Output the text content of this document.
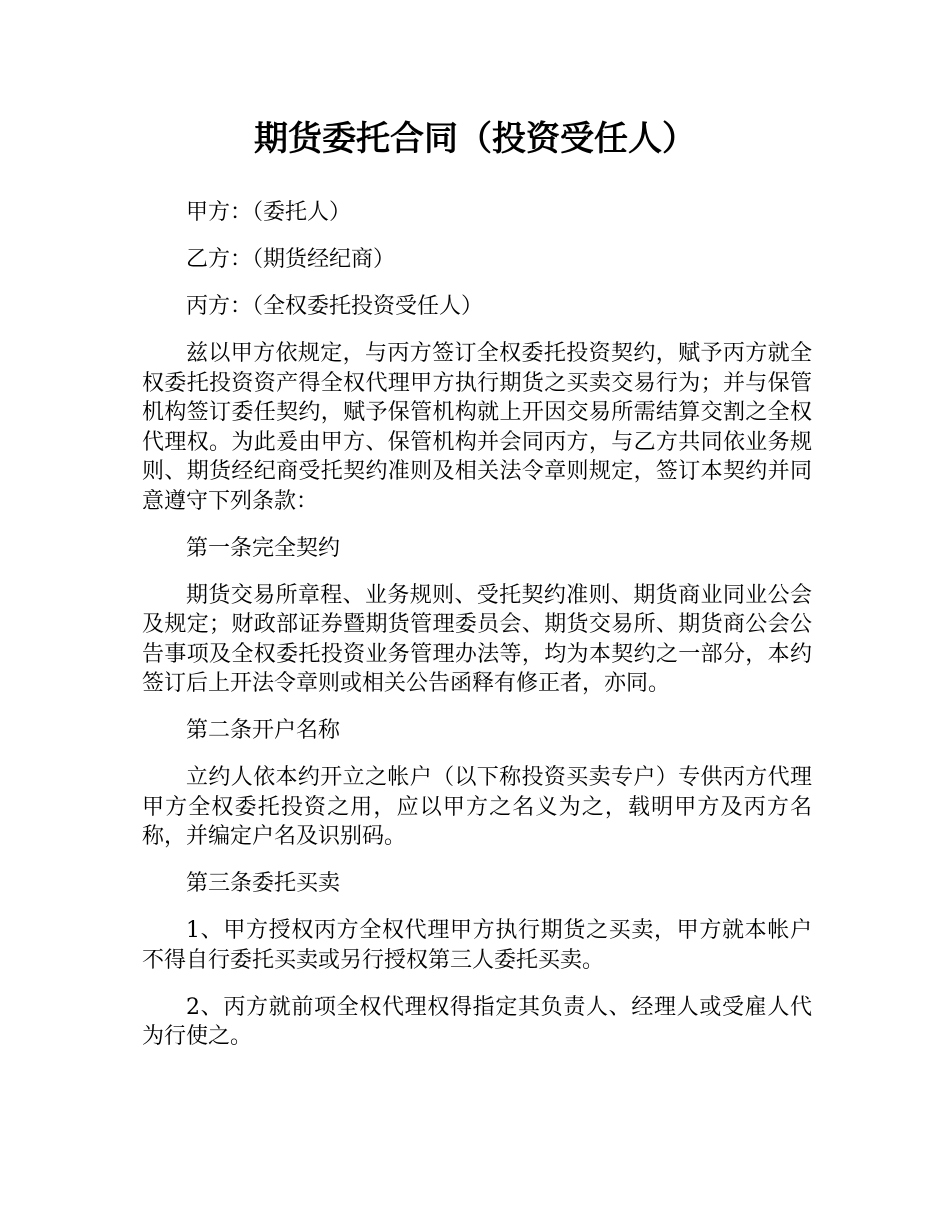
期货委托合同（投资受任人）

甲方：（委托人）

乙方：（期货经纪商）

丙方：（全权委托投资受任人）

兹以甲方依规定，与丙方签订全权委托投资契约，赋予丙方就全权委托投资资产得全权代理甲方执行期货之买卖交易行为；并与保管机构签订委任契约，赋予保管机构就上开因交易所需结算交割之全权代理权。为此爰由甲方、保管机构并会同丙方，与乙方共同依业务规则、期货经纪商受托契约准则及相关法令章则规定，签订本契约并同意遵守下列条款：

第一条完全契约

期货交易所章程、业务规则、受托契约准则、期货商业同业公会及规定；财政部证券暨期货管理委员会、期货交易所、期货商公会公告事项及全权委托投资业务管理办法等，均为本契约之一部分，本约签订后上开法令章则或相关公告函释有修正者，亦同。

第二条开户名称

立约人依本约开立之帐户（以下称投资买卖专户）专供丙方代理甲方全权委托投资之用，应以甲方之名义为之，载明甲方及丙方名称，并编定户名及识别码。

第三条委托买卖

1、甲方授权丙方全权代理甲方执行期货之买卖，甲方就本帐户不得自行委托买卖或另行授权第三人委托买卖。

2、丙方就前项全权代理权得指定其负责人、经理人或受雇人代为行使之。
